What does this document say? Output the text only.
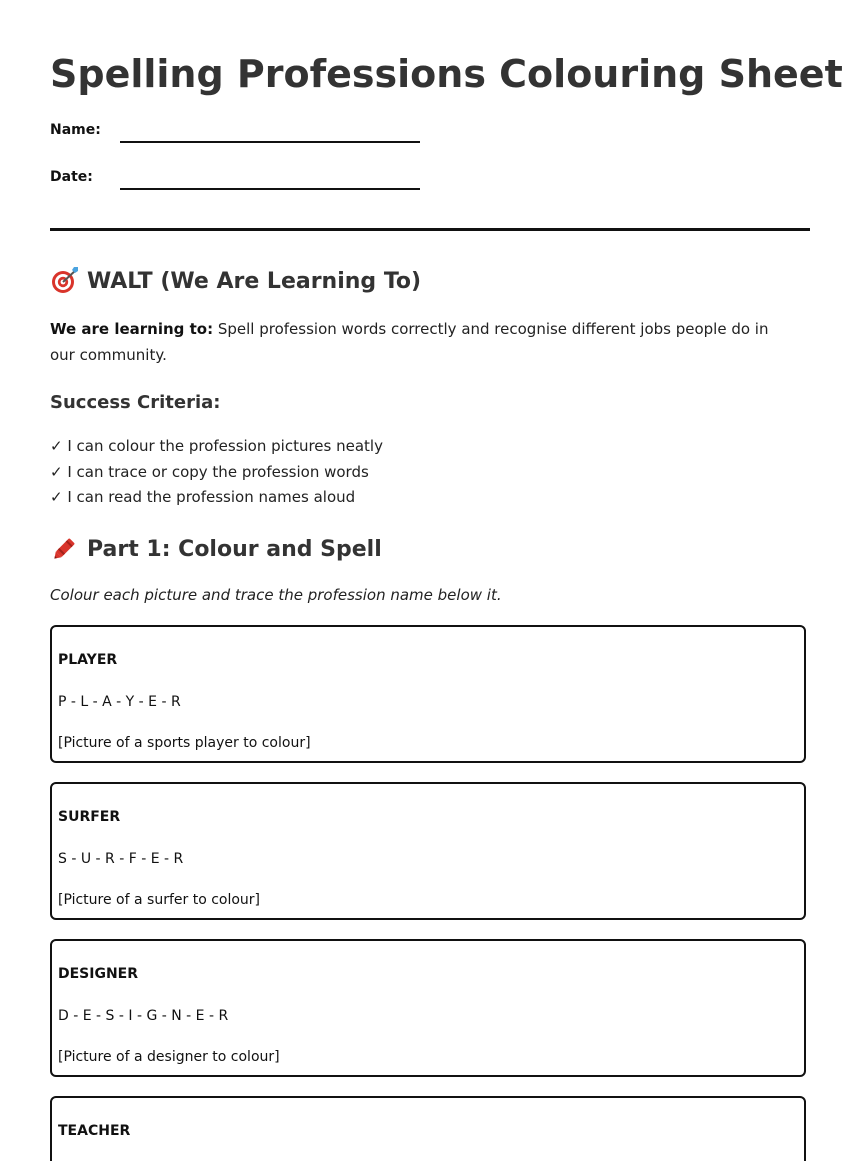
Spelling Professions Colouring Sheet
Name:
Date:
WALT (We Are Learning To)
We are learning to: Spell profession words correctly and recognise different jobs people do in our community.
Success Criteria:
✓ I can colour the profession pictures neatly
✓ I can trace or copy the profession words
✓ I can read the profession names aloud
Part 1: Colour and Spell
Colour each picture and trace the profession name below it.
PLAYER
P - L - A - Y - E - R
[Picture of a sports player to colour]
SURFER
S - U - R - F - E - R
[Picture of a surfer to colour]
DESIGNER
D - E - S - I - G - N - E - R
[Picture of a designer to colour]
TEACHER
